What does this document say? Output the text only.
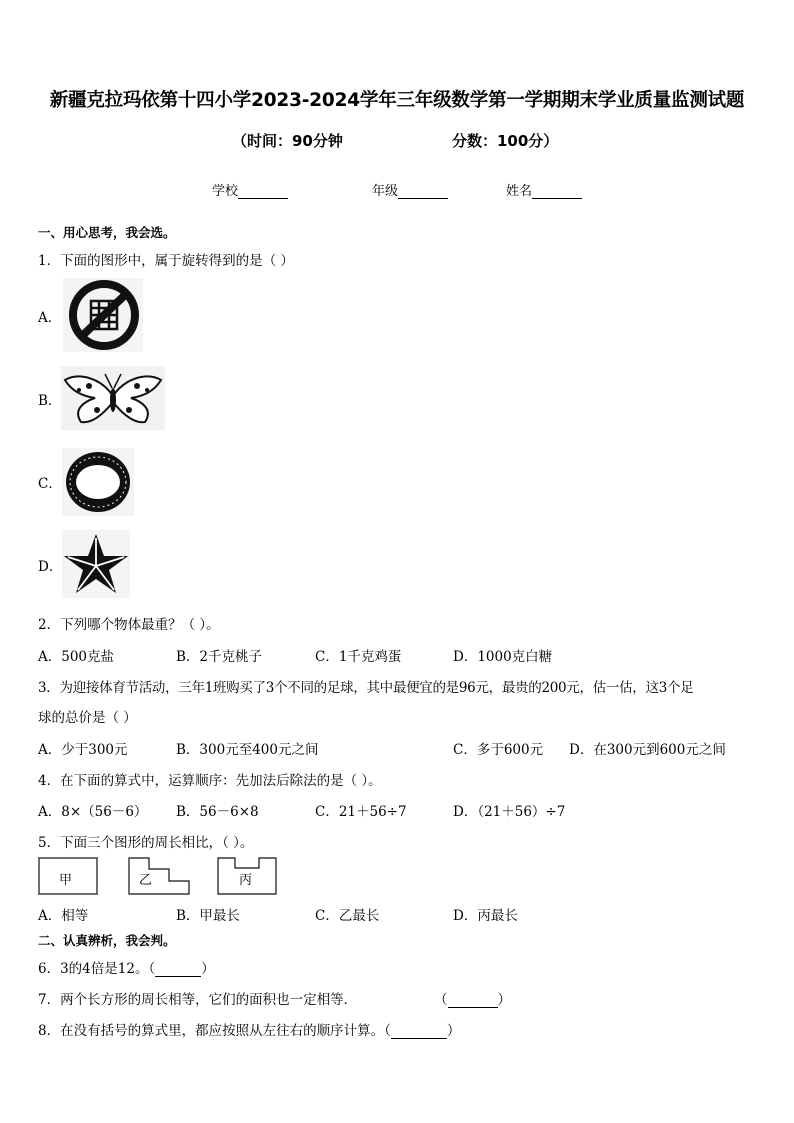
新疆克拉玛依第十四小学2023-2024学年三年级数学第一学期期末学业质量监测试题
（时间：90分钟	分数：100分）
学校	年级	姓名
一、用心思考，我会选。
1．下面的图形中，属于旋转得到的是（ ）
A．
B．
C．
D．
2．下列哪个物体最重？（ ）。
A．500克盐	B．2千克桃子	C．1千克鸡蛋	D．1000克白糖
3．为迎接体育节活动，三年1班购买了3个不同的足球，其中最便宜的是96元，最贵的200元，估一估，这3个足
球的总价是（ ）
A．少于300元	B．300元至400元之间	C．多于600元 D．在300元到600元之间
4．在下面的算式中，运算顺序：先加法后除法的是（ ）。
A．8×（56－6） B．56－6×8	C．21＋56÷7	D．（21＋56）÷7
5．下面三个图形的周长相比，（ ）。
甲	乙	丙
A．相等	B．甲最长	C．乙最长	D．丙最长
二、认真辨析，我会判。
6．3的4倍是12。（	）
7．两个长方形的周长相等，它们的面积也一定相等．	（	）
8．在没有括号的算式里，都应按照从左往右的顺序计算。（	）
